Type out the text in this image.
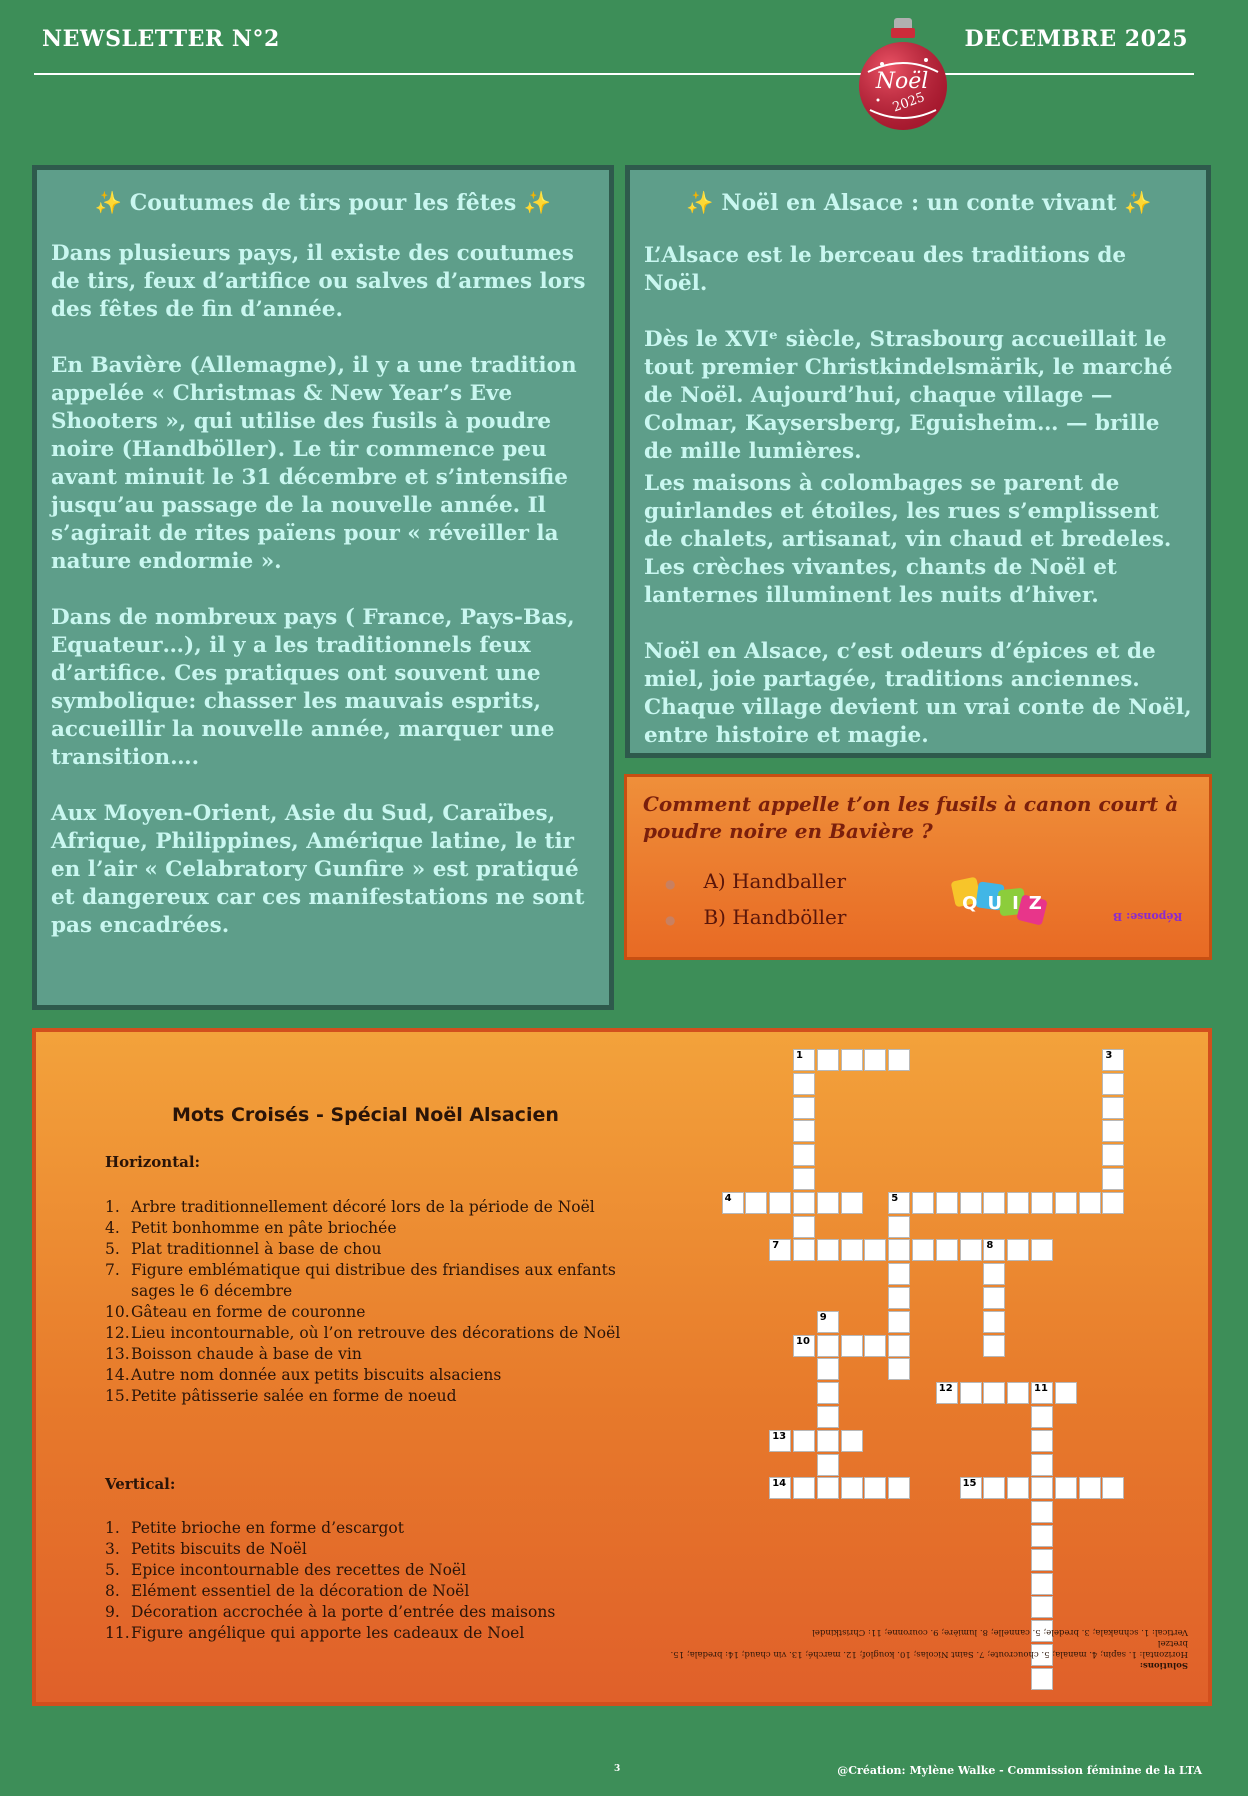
NEWSLETTER N°2	DECEMBRE 2025
Noël
2025
✨ Coutumes de tirs pour les fêtes ✨

Dans plusieurs pays, il existe des coutumes de tirs, feux d’artifice ou salves d’armes lors des fêtes de fin d’année.

En Bavière (Allemagne), il y a une tradition appelée « Christmas & New Year’s Eve Shooters », qui utilise des fusils à poudre noire (Handböller). Le tir commence peu avant minuit le 31 décembre et s’intensifie jusqu’au passage de la nouvelle année. Il s’agirait de rites païens pour « réveiller la nature endormie ».

Dans de nombreux pays ( France, Pays-Bas, Equateur…), il y a les traditionnels feux d’artifice. Ces pratiques ont souvent une symbolique: chasser les mauvais esprits, accueillir la nouvelle année, marquer une transition….

Aux Moyen-Orient, Asie du Sud, Caraïbes, Afrique, Philippines, Amérique latine, le tir en l’air « Celabratory Gunfire » est pratiqué et dangereux car ces manifestations ne sont pas encadrées.

✨ Noël en Alsace : un conte vivant ✨

L’Alsace est le berceau des traditions de Noël.

Dès le XVIᵉ siècle, Strasbourg accueillait le tout premier Christkindelsmärik, le marché de Noël. Aujourd’hui, chaque village — Colmar, Kaysersberg, Eguisheim… — brille de mille lumières.

Les maisons à colombages se parent de guirlandes et étoiles, les rues s’emplissent de chalets, artisanat, vin chaud et bredeles. Les crèches vivantes, chants de Noël et lanternes illuminent les nuits d’hiver.

Noël en Alsace, c’est odeurs d’épices et de miel, joie partagée, traditions anciennes. Chaque village devient un vrai conte de Noël, entre histoire et magie.

Comment appelle t’on les fusils à canon court à poudre noire en Bavière ?
● A) Handballer
● B) Handböller
QUIZ
Réponse: B
Mots Croisés - Spécial Noël Alsacien
Horizontal:
1. Arbre traditionnellement décoré lors de la période de Noël
4. Petit bonhomme en pâte briochée
5. Plat traditionnel à base de chou
7. Figure emblématique qui distribue des friandises aux enfants sages le 6 décembre
10. Gâteau en forme de couronne
12. Lieu incontournable, où l’on retrouve des décorations de Noël
13. Boisson chaude à base de vin
14. Autre nom donnée aux petits biscuits alsaciens
15. Petite pâtisserie salée en forme de noeud
Vertical:
1. Petite brioche en forme d’escargot
3. Petits biscuits de Noël
5. Epice incontournable des recettes de Noël
8. Elément essentiel de la décoration de Noël
9. Décoration accrochée à la porte d’entrée des maisons
11. Figure angélique qui apporte les cadeaux de Noel
1	3
4	5
7	8
9
10
11
12
13
14	15
Solutions:
Horizontal: 1. sapin; 4. manala; 5. choucroute; 7. Saint Nicolas; 10. kouglof; 12. marché; 13. vin chaud; 14: bredala; 15. bretzel
Vertical: 1. schnakala; 3. bredele; 5. cannelle; 8. lumière; 9. couronne; 11: Christkindel
3	@Création: Mylène Walke - Commission féminine de la LTA
